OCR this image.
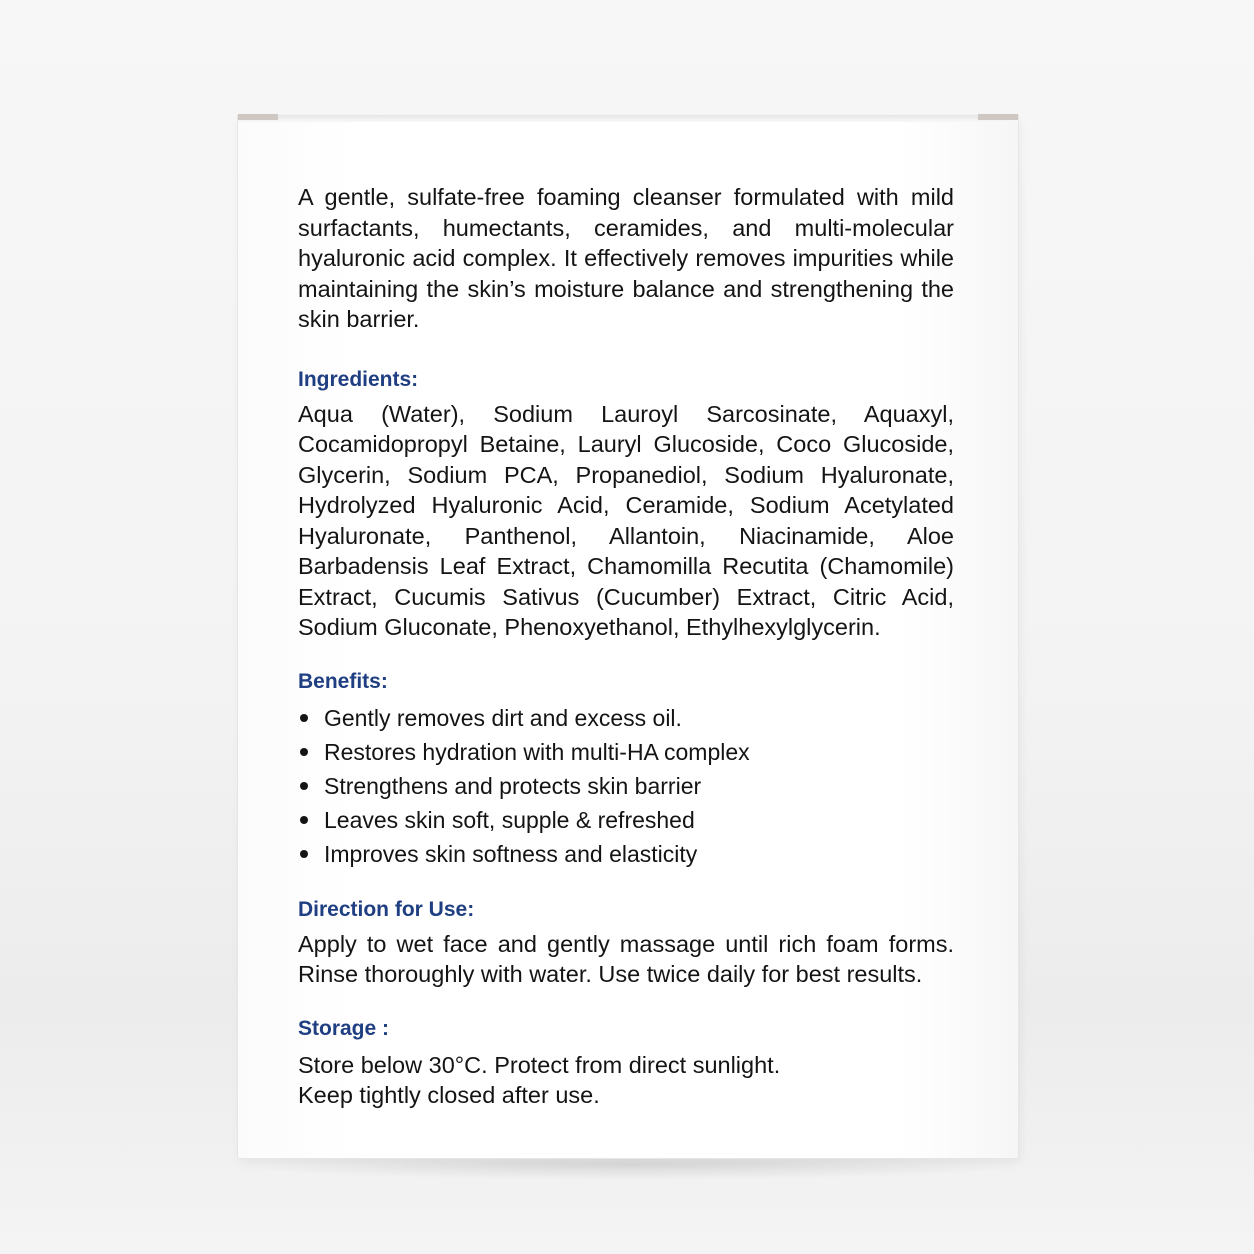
A gentle, sulfate-free foaming cleanser formulated with mild surfactants, humectants, ceramides, and multi-molecular hyaluronic acid complex. It effectively removes impurities while maintaining the skin’s moisture balance and strengthening the skin barrier.

Ingredients:

Aqua (Water), Sodium Lauroyl Sarcosinate, Aquaxyl, Cocamidopropyl Betaine, Lauryl Glucoside, Coco Glucoside, Glycerin, Sodium PCA, Propanediol, Sodium Hyaluronate, Hydrolyzed Hyaluronic Acid, Ceramide, Sodium Acetylated Hyaluronate, Panthenol, Allantoin, Niacinamide, Aloe Barbadensis Leaf Extract, Chamomilla Recutita (Chamomile) Extract, Cucumis Sativus (Cucumber) Extract, Citric Acid, Sodium Gluconate, Phenoxyethanol, Ethylhexylglycerin.

Benefits:
Gently removes dirt and excess oil.
Restores hydration with multi-HA complex
Strengthens and protects skin barrier
Leaves skin soft, supple & refreshed
Improves skin softness and elasticity
Direction for Use:

Apply to wet face and gently massage until rich foam forms. Rinse thoroughly with water. Use twice daily for best results.

Storage :
Store below 30°C. Protect from direct sunlight.
Keep tightly closed after use.
